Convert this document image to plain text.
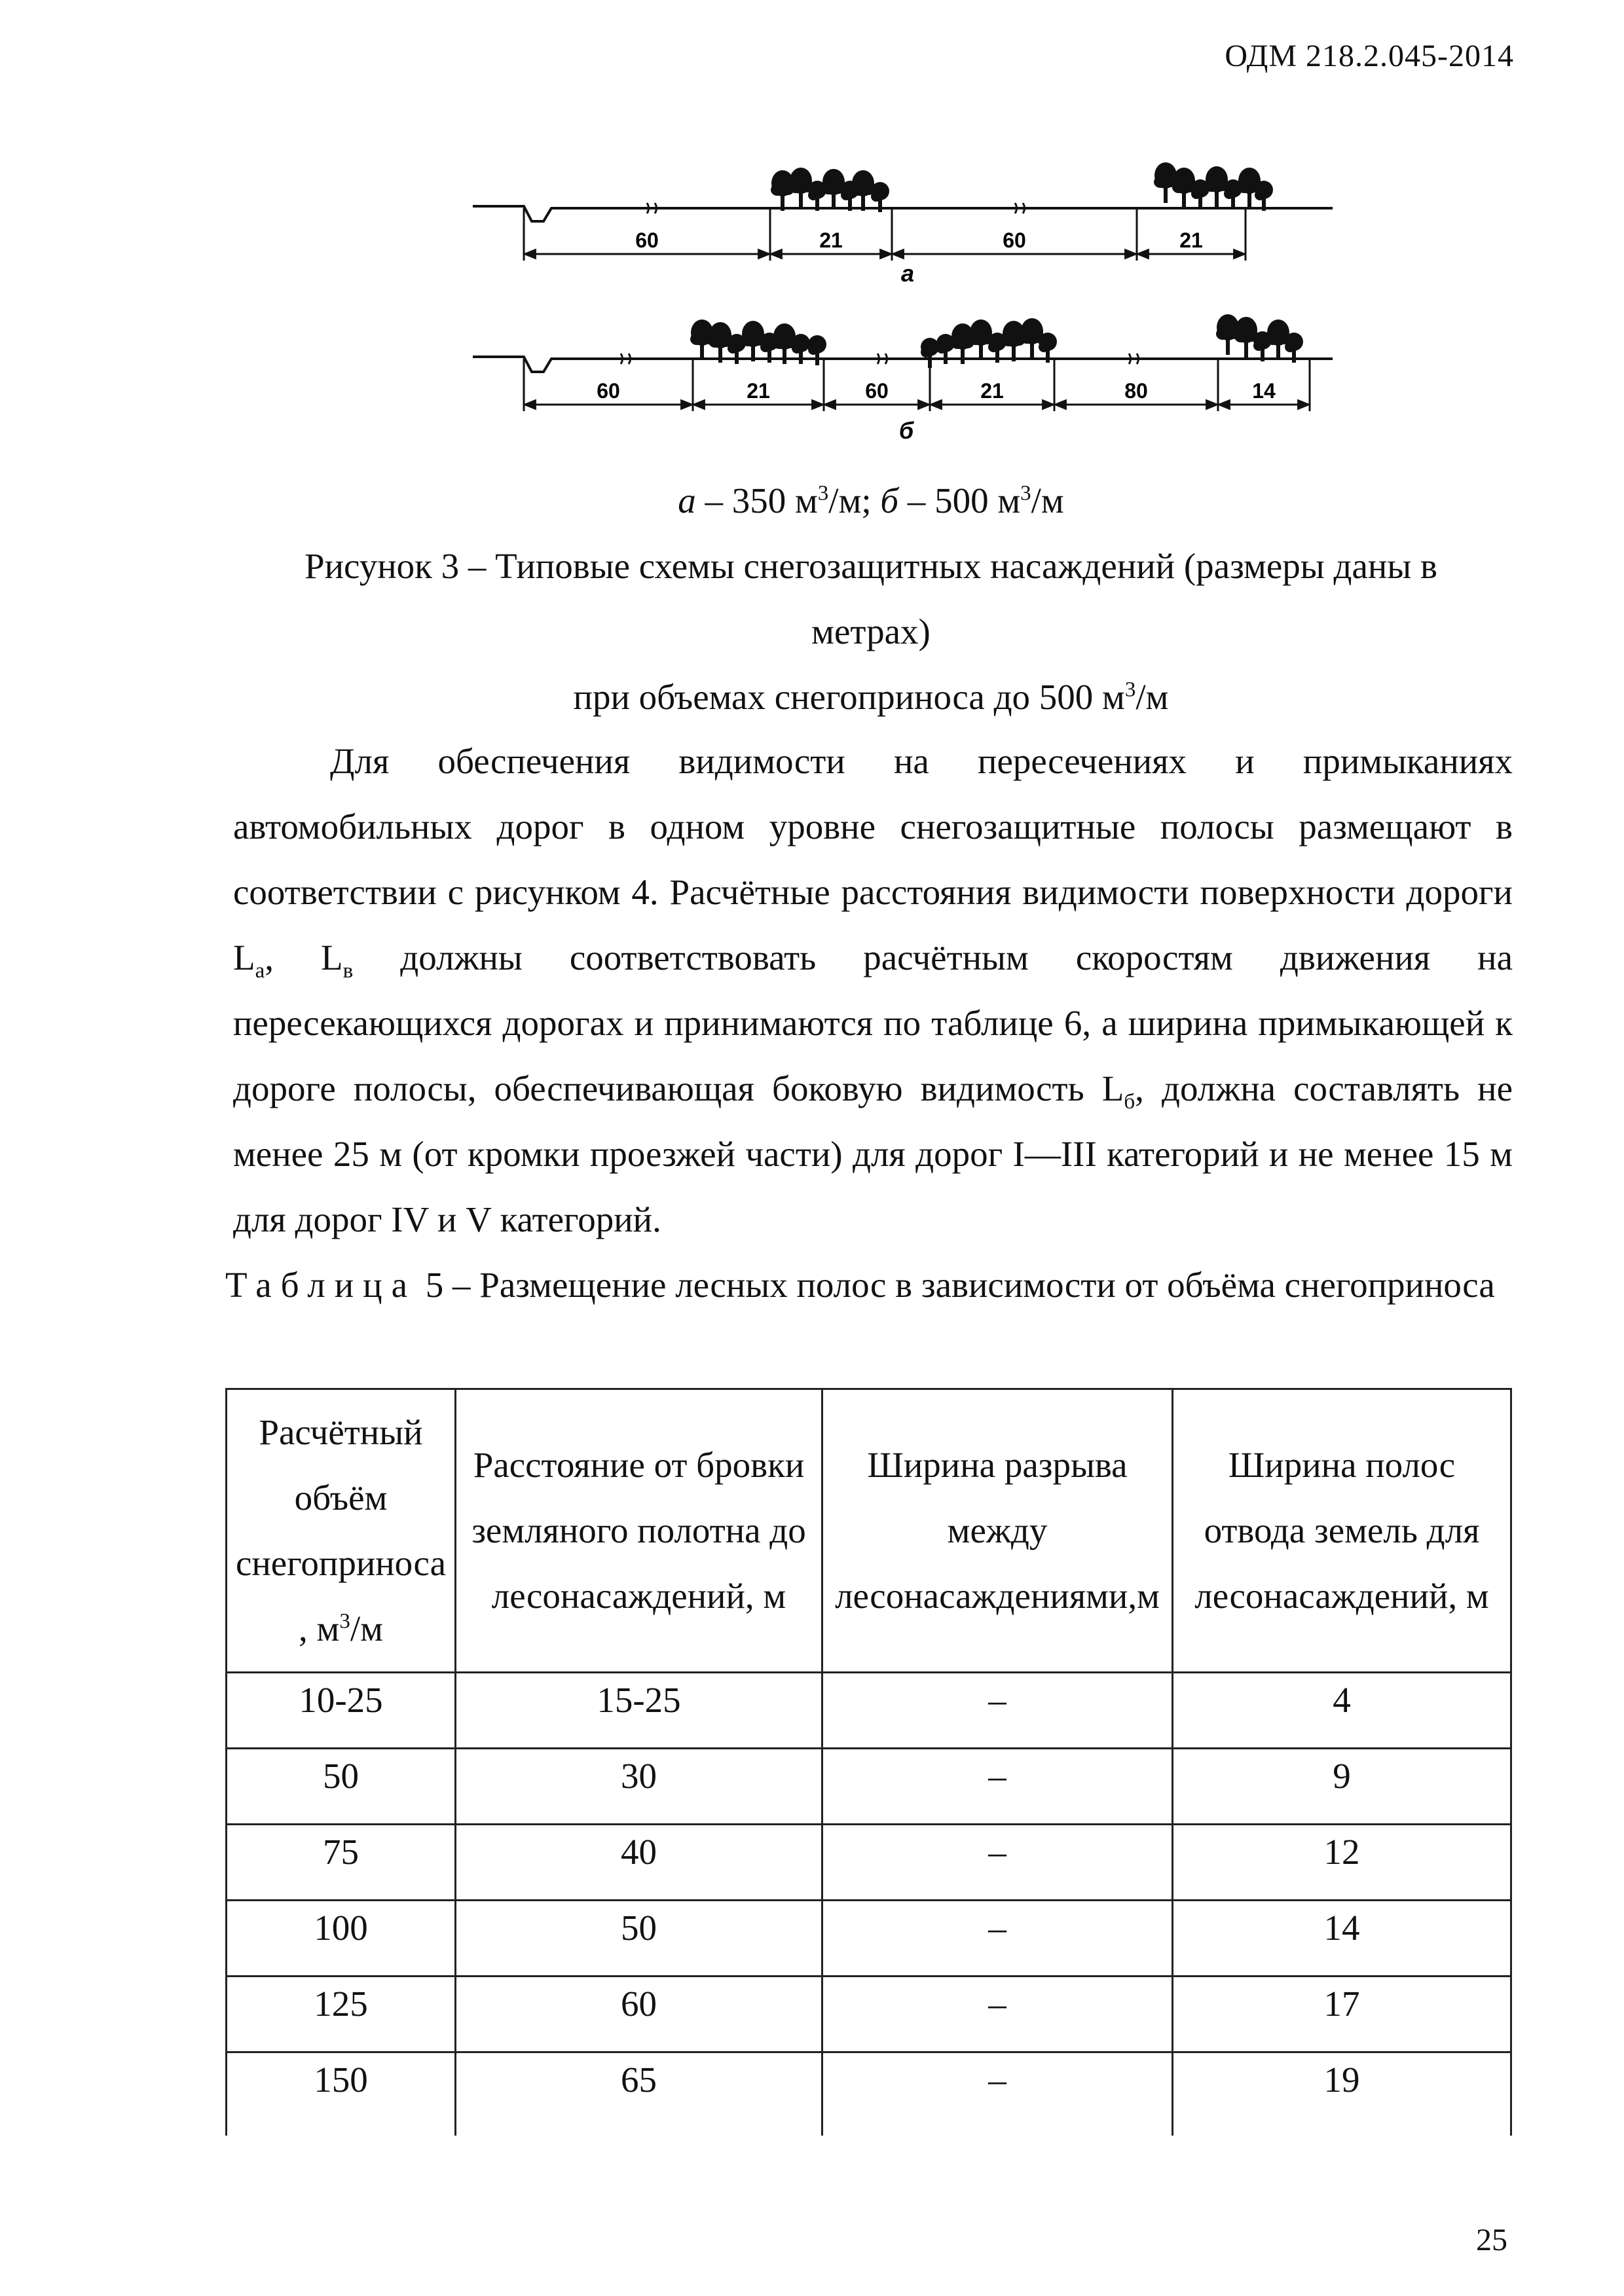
ОДМ 218.2.045-2014
60	21	60	21
а
60	21	60	21	80	14
б
а – 350 $м^3/м$; б – 500 $м^3/м$
Рисунок 3 – Типовые схемы снегозащитных насаждений (размеры даны в
метрах)
при объемах снегоприноса до 500 $м^3/м$

Для обеспечения видимости на пересечениях и примыканиях автомобильных дорог в одном уровне снегозащитные полосы размещают в соответствии с рисунком 4. Расчётные расстояния видимости поверхности дороги $L_а$, $L_в$ должны соответствовать расчётным скоростям движения на пересекающихся дорогах и принимаются по таблице 6, а ширина примыкающей к дороге полосы, обеспечивающая боковую видимость $L_б$, должна составлять не менее 25 м (от кромки проезжей части) для дорог I—III категорий и не менее 15 м для дорог IV и V категорий.

Таблица 5 – Размещение лесных полос в зависимости от объёма снегоприноса
Расчётный объём снегоприноса , $м^3/м$	Расстояние от бровки земляного полотна до лесонасаждений, м	Ширина разрыва между лесонасаждениями,м	Ширина полос отвода земель для лесонасаждений, м
10-25	15-25	–	4
50	30	–	9
75	40	–	12
100	50	–	14
125	60	–	17
150	65	–	19
25
